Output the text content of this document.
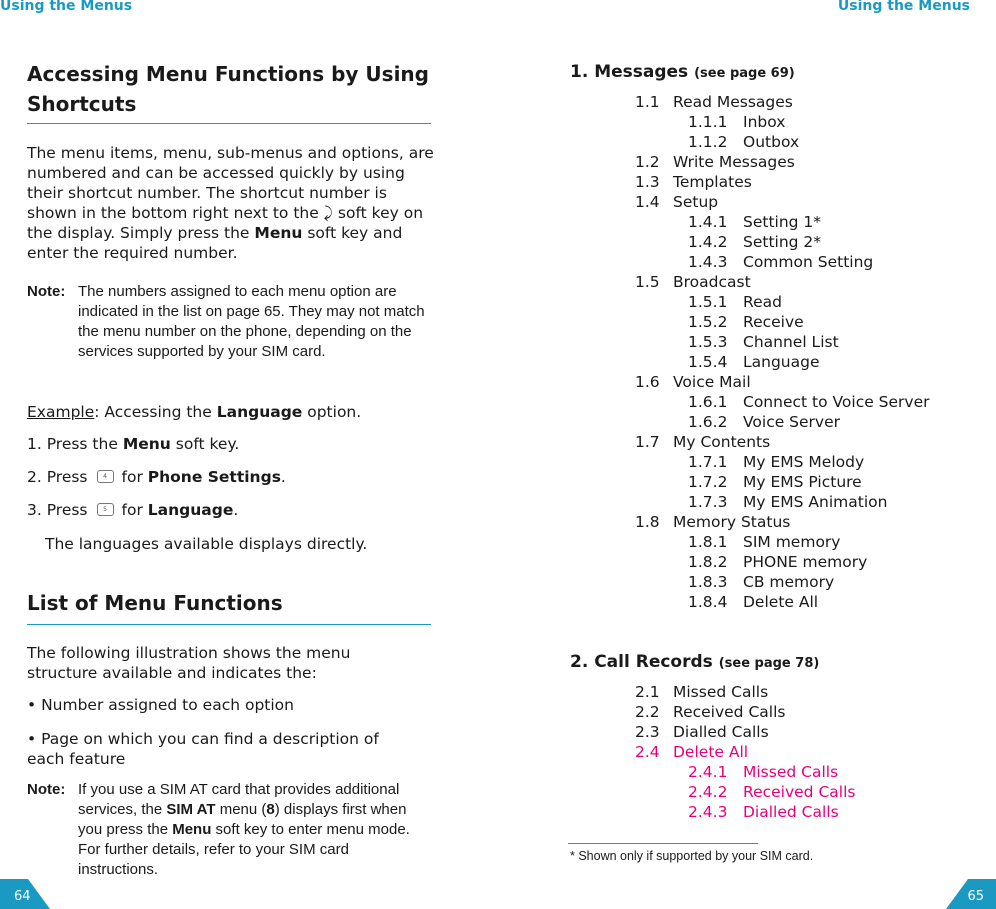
Using the Menus
Accessing Menu Functions by Using
Shortcuts
The menu items, menu, sub-menus and options, are numbered and can be accessed quickly by using their shortcut number. The shortcut number is shown in the bottom right next to the ⤸ soft key on the display. Simply press the Menu soft key and enter the required number.
Note: The numbers assigned to each menu option are indicated in the list on page 65. They may not match the menu number on the phone, depending on the services supported by your SIM card.
Example: Accessing the Language option.
1. Press the Menu soft key.
2. Press	4 for Phone Settings.
3. Press	5 for Language.
The languages available displays directly.
List of Menu Functions
The following illustration shows the menu structure available and indicates the:
• Number assigned to each option
• Page on which you can find a description of each feature
Note: If you use a SIM AT card that provides additional services, the SIM AT menu (8) displays first when you press the Menu soft key to enter menu mode. For further details, refer to your SIM card instructions.
64
Using the Menus
1. Messages (see page 69)
1.1 Read Messages
1.1.1 Inbox
1.1.2 Outbox
1.2 Write Messages
1.3 Templates
1.4 Setup
1.4.1 Setting 1*
1.4.2 Setting 2*
1.4.3 Common Setting
1.5 Broadcast
1.5.1 Read
1.5.2 Receive
1.5.3 Channel List
1.5.4 Language
1.6 Voice Mail
1.6.1 Connect to Voice Server
1.6.2 Voice Server
1.7 My Contents
1.7.1 My EMS Melody
1.7.2 My EMS Picture
1.7.3 My EMS Animation
1.8 Memory Status
1.8.1 SIM memory
1.8.2 PHONE memory
1.8.3 CB memory
1.8.4 Delete All
2. Call Records (see page 78)
2.1 Missed Calls
2.2 Received Calls
2.3 Dialled Calls
2.4 Delete All
2.4.1 Missed Calls
2.4.2 Received Calls
2.4.3 Dialled Calls
* Shown only if supported by your SIM card.
65
